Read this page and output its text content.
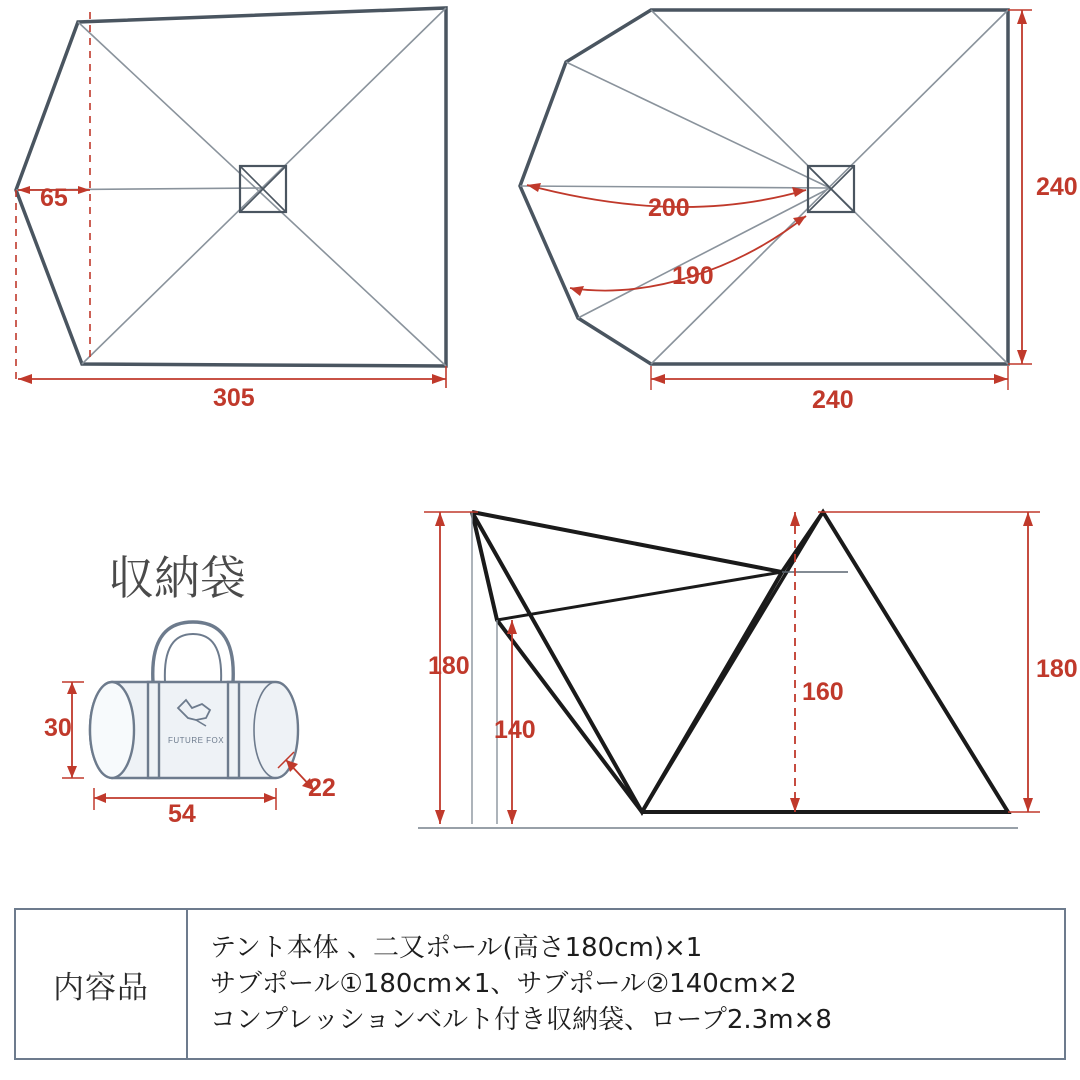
65
305
240
240
200
190
180
140
160
180
30
54
22
収納袋
FUTURE FOX
内容品
テント本体 、二又ポール(高さ180cm)×1
サブポール①180cm×1、サブポール②140cm×2
コンプレッションベルト付き収納袋、ロープ2.3m×8
